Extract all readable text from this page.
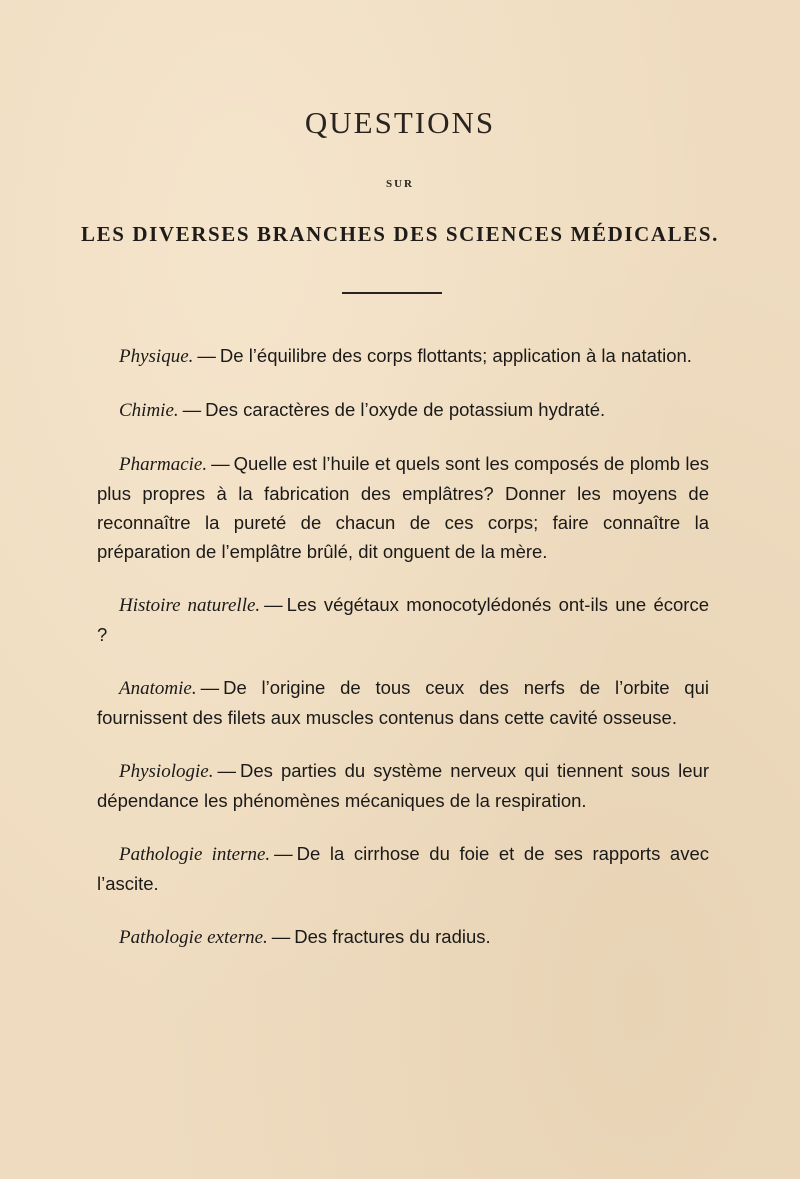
QUESTIONS
SUR
LES DIVERSES BRANCHES DES SCIENCES MÉDICALES.

Physique. — De l’équilibre des corps flottants; application à la natation.

Chimie. — Des caractères de l’oxyde de potassium hydraté.

Pharmacie. — Quelle est l’huile et quels sont les composés de plomb les plus propres à la fabrication des emplâtres? Donner les moyens de reconnaître la pureté de chacun de ces corps; faire connaître la préparation de l’emplâtre brûlé, dit onguent de la mère.

Histoire naturelle. — Les végétaux monocotylédonés ont-ils une écorce ?

Anatomie. — De l’origine de tous ceux des nerfs de l’orbite qui fournissent des filets aux muscles contenus dans cette cavité osseuse.

Physiologie. — Des parties du système nerveux qui tiennent sous leur dépendance les phénomènes mécaniques de la respiration.

Pathologie interne. — De la cirrhose du foie et de ses rapports avec l’ascite.

Pathologie externe. — Des fractures du radius.
